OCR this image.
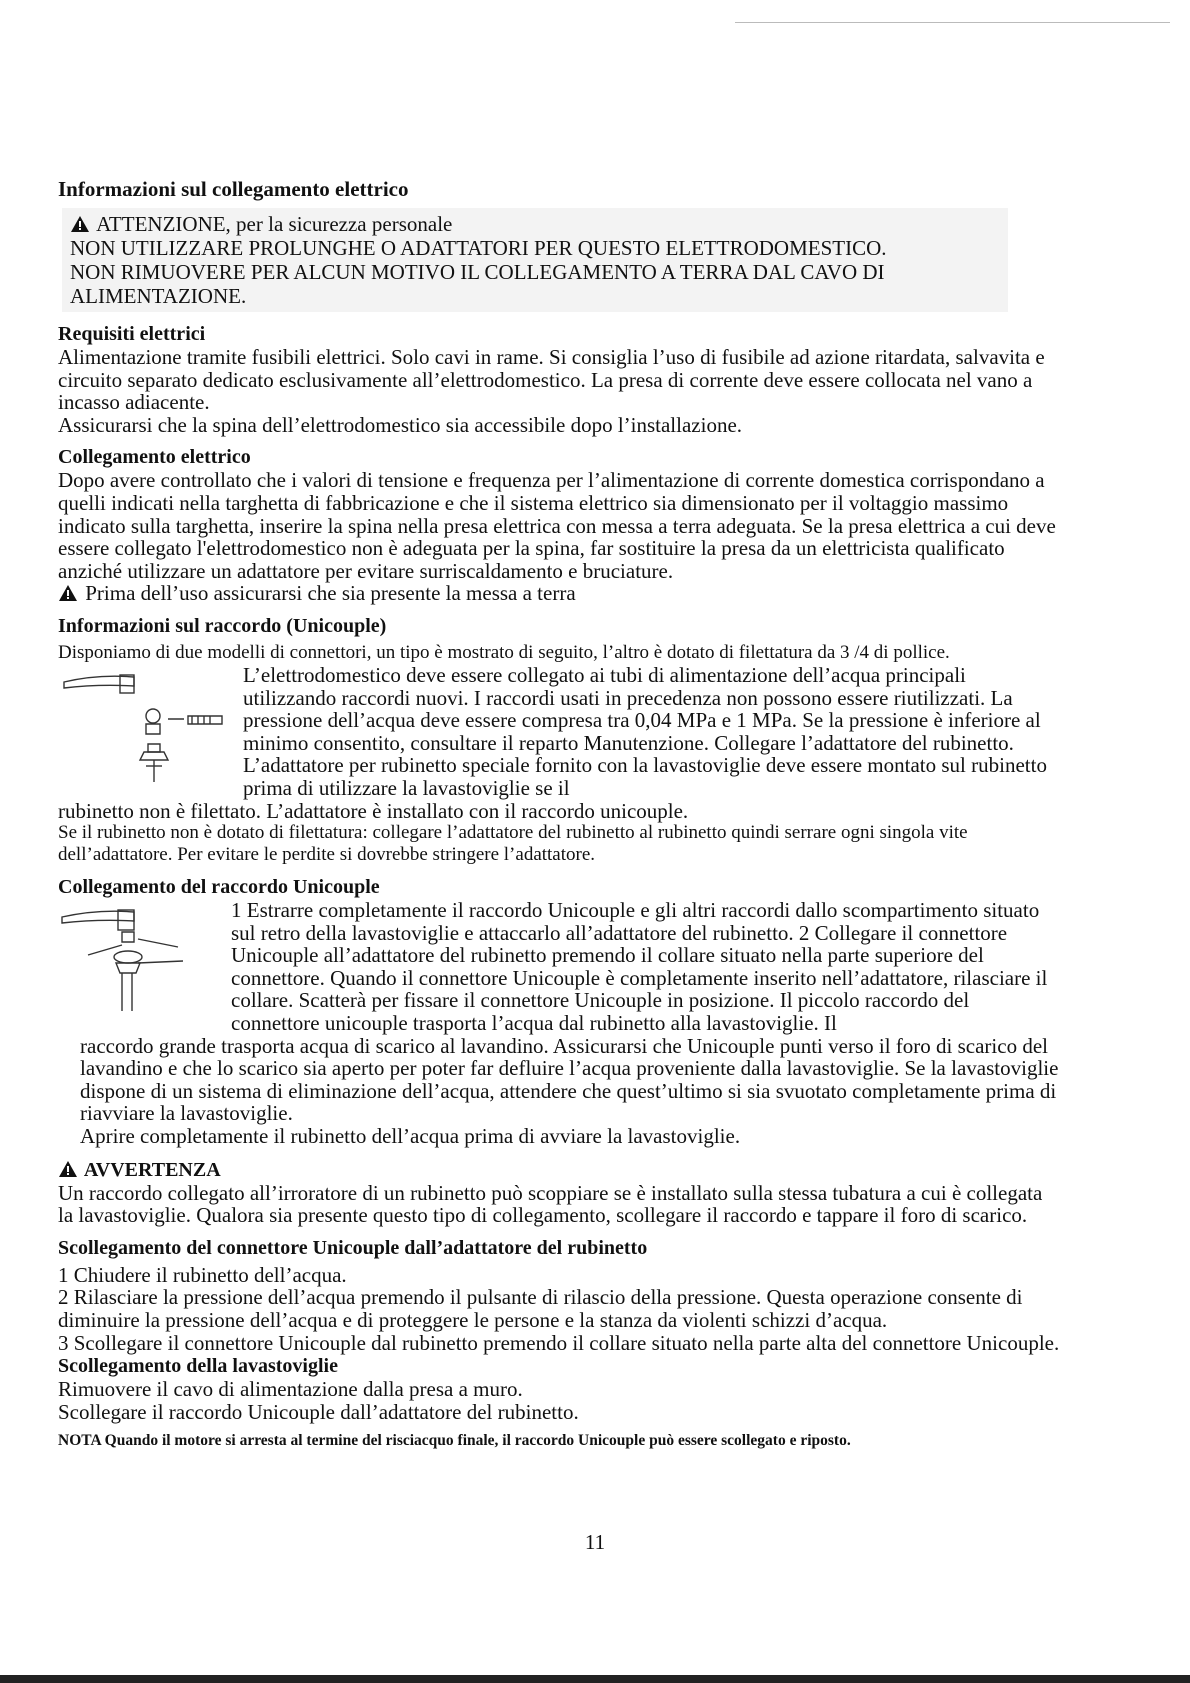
Informazioni sul collegamento elettrico
ATTENZIONE, per la sicurezza personale
NON UTILIZZARE PROLUNGHE O ADATTATORI PER QUESTO ELETTRODOMESTICO.
NON RIMUOVERE PER ALCUN MOTIVO IL COLLEGAMENTO A TERRA DAL CAVO DI
ALIMENTAZIONE.
Requisiti elettrici

Alimentazione tramite fusibili elettrici. Solo cavi in rame. Si consiglia l’uso di fusibile ad azione ritardata, salvavita e circuito separato dedicato esclusivamente all’elettrodomestico. La presa di corrente deve essere collocata nel vano a incasso adiacente.

Assicurarsi che la spina dell’elettrodomestico sia accessibile dopo l’installazione.

Collegamento elettrico

Dopo avere controllato che i valori di tensione e frequenza per l’alimentazione di corrente domestica corrispondano a quelli indicati nella targhetta di fabbricazione e che il sistema elettrico sia dimensionato per il voltaggio massimo indicato sulla targhetta, inserire la spina nella presa elettrica con messa a terra adeguata. Se la presa elettrica a cui deve essere collegato l'elettrodomestico non è adeguata per la spina, far sostituire la presa da un elettricista qualificato anziché utilizzare un adattatore per evitare surriscaldamento e bruciature.

Prima dell’uso assicurarsi che sia presente la messa a terra

Informazioni sul raccordo (Unicouple)

Disponiamo di due modelli di connettori, un tipo è mostrato di seguito, l’altro è dotato di filettatura da 3 /4 di pollice.

L’elettrodomestico deve essere collegato ai tubi di alimentazione dell’acqua principali utilizzando raccordi nuovi. I raccordi usati in precedenza non possono essere riutilizzati. La pressione dell’acqua deve essere compresa tra 0,04 MPa e 1 MPa. Se la pressione è inferiore al minimo consentito, consultare il reparto Manutenzione. Collegare l’adattatore del rubinetto. L’adattatore per rubinetto speciale fornito con la lavastoviglie deve essere montato sul rubinetto prima di utilizzare la lavastoviglie se il

rubinetto non è filettato. L’adattatore è installato con il raccordo unicouple.

Se il rubinetto non è dotato di filettatura: collegare l’adattatore del rubinetto al rubinetto quindi serrare ogni singola vite dell’adattatore. Per evitare le perdite si dovrebbe stringere l’adattatore.

Collegamento del raccordo Unicouple

1 Estrarre completamente il raccordo Unicouple e gli altri raccordi dallo scompartimento situato sul retro della lavastoviglie e attaccarlo all’adattatore del rubinetto. 2 Collegare il connettore Unicouple all’adattatore del rubinetto premendo il collare situato nella parte superiore del connettore. Quando il connettore Unicouple è completamente inserito nell’adattatore, rilasciare il collare. Scatterà per fissare il connettore Unicouple in posizione. Il piccolo raccordo del connettore unicouple trasporta l’acqua dal rubinetto alla lavastoviglie. Il

raccordo grande trasporta acqua di scarico al lavandino. Assicurarsi che Unicouple punti verso il foro di scarico del lavandino e che lo scarico sia aperto per poter far defluire l’acqua proveniente dalla lavastoviglie. Se la lavastoviglie dispone di un sistema di eliminazione dell’acqua, attendere che quest’ultimo si sia svuotato completamente prima di riavviare la lavastoviglie.

Aprire completamente il rubinetto dell’acqua prima di avviare la lavastoviglie.

AVVERTENZA

Un raccordo collegato all’irroratore di un rubinetto può scoppiare se è installato sulla stessa tubatura a cui è collegata la lavastoviglie. Qualora sia presente questo tipo di collegamento, scollegare il raccordo e tappare il foro di scarico.

Scollegamento del connettore Unicouple dall’adattatore del rubinetto

1 Chiudere il rubinetto dell’acqua.

2 Rilasciare la pressione dell’acqua premendo il pulsante di rilascio della pressione. Questa operazione consente di diminuire la pressione dell’acqua e di proteggere le persone e la stanza da violenti schizzi d’acqua.

3 Scollegare il connettore Unicouple dal rubinetto premendo il collare situato nella parte alta del connettore Unicouple.

Scollegamento della lavastoviglie

Rimuovere il cavo di alimentazione dalla presa a muro.

Scollegare il raccordo Unicouple dall’adattatore del rubinetto.

NOTA Quando il motore si arresta al termine del risciacquo finale, il raccordo Unicouple può essere scollegato e riposto.

11
